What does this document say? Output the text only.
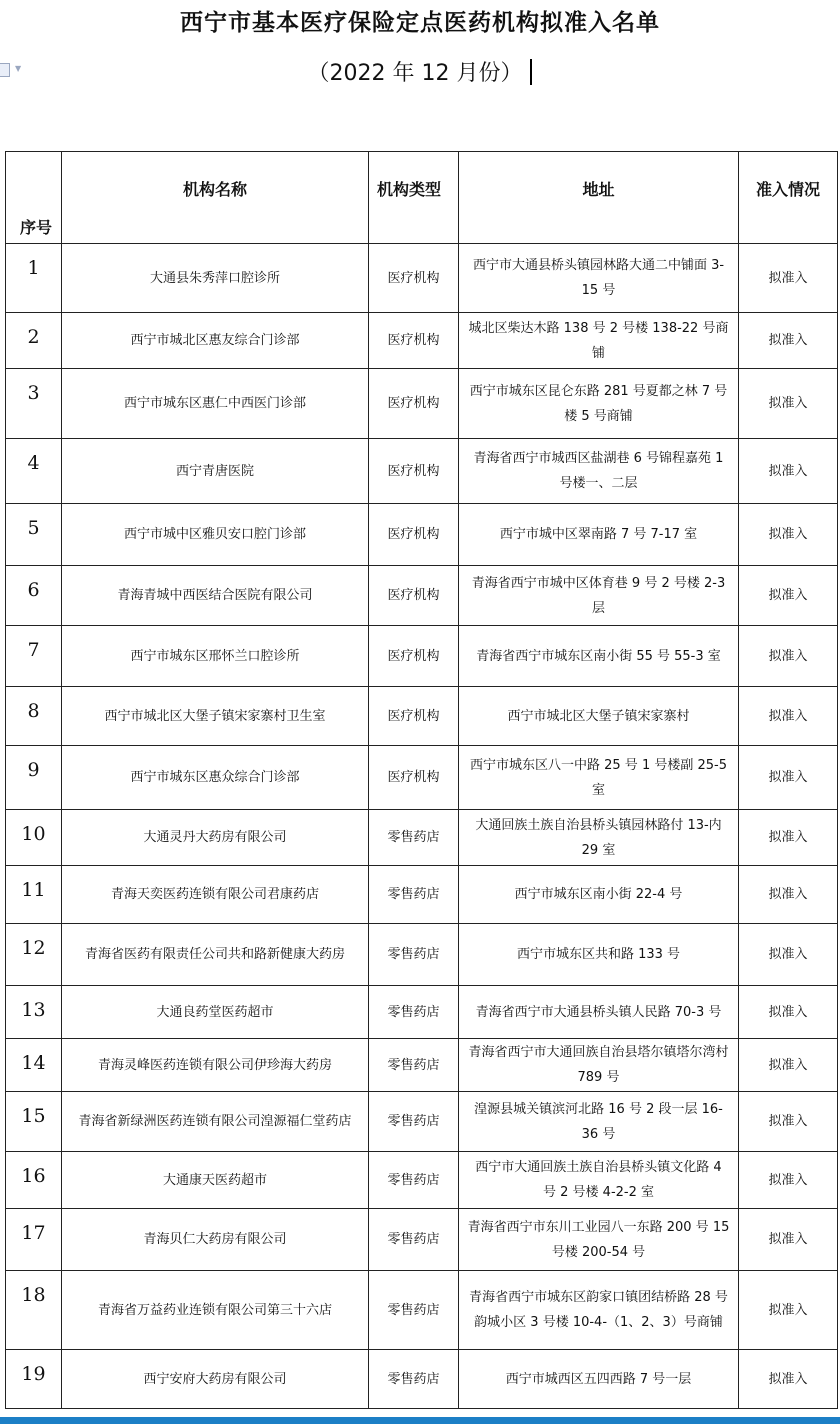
▼
西宁市基本医疗保险定点医药机构拟准入名单
（2022 年 12 月份）
序号	机构名称	机构类型	地址	准入情况
1	大通县朱秀萍口腔诊所	医疗机构	西宁市大通县桥头镇园林路大通二中铺面 3-15 号	拟准入
2	西宁市城北区惠友综合门诊部	医疗机构	城北区柴达木路 138 号 2 号楼 138-22 号商铺	拟准入
3	西宁市城东区惠仁中西医门诊部	医疗机构	西宁市城东区昆仑东路 281 号夏都之林 7 号楼 5 号商铺	拟准入
4	西宁青唐医院	医疗机构	青海省西宁市城西区盐湖巷 6 号锦程嘉苑 1 号楼一、二层	拟准入
5	西宁市城中区雅贝安口腔门诊部	医疗机构	西宁市城中区翠南路 7 号 7-17 室	拟准入
6	青海青城中西医结合医院有限公司	医疗机构	青海省西宁市城中区体育巷 9 号 2 号楼 2-3 层	拟准入
7	西宁市城东区邢怀兰口腔诊所	医疗机构	青海省西宁市城东区南小街 55 号 55-3 室	拟准入
8	西宁市城北区大堡子镇宋家寨村卫生室	医疗机构	西宁市城北区大堡子镇宋家寨村	拟准入
9	西宁市城东区惠众综合门诊部	医疗机构	西宁市城东区八一中路 25 号 1 号楼副 25-5 室	拟准入
10	大通灵丹大药房有限公司	零售药店	大通回族土族自治县桥头镇园林路付 13-内 29 室	拟准入
11	青海天奕医药连锁有限公司君康药店	零售药店	西宁市城东区南小街 22-4 号	拟准入
12	青海省医药有限责任公司共和路新健康大药房	零售药店	西宁市城东区共和路 133 号	拟准入
13	大通良药堂医药超市	零售药店	青海省西宁市大通县桥头镇人民路 70-3 号	拟准入
14	青海灵峰医药连锁有限公司伊珍海大药房	零售药店	青海省西宁市大通回族自治县塔尔镇塔尔湾村 789 号	拟准入
15	青海省新绿洲医药连锁有限公司湟源福仁堂药店	零售药店	湟源县城关镇滨河北路 16 号 2 段一层 16-36 号	拟准入
16	大通康天医药超市	零售药店	西宁市大通回族土族自治县桥头镇文化路 4 号 2 号楼 4-2-2 室	拟准入
17	青海贝仁大药房有限公司	零售药店	青海省西宁市东川工业园八一东路 200 号 15 号楼 200-54 号	拟准入
18	青海省万益药业连锁有限公司第三十六店	零售药店	青海省西宁市城东区韵家口镇团结桥路 28 号韵城小区 3 号楼 10-4-（1、2、3）号商铺	拟准入
19	西宁安府大药房有限公司	零售药店	西宁市城西区五四西路 7 号一层	拟准入
